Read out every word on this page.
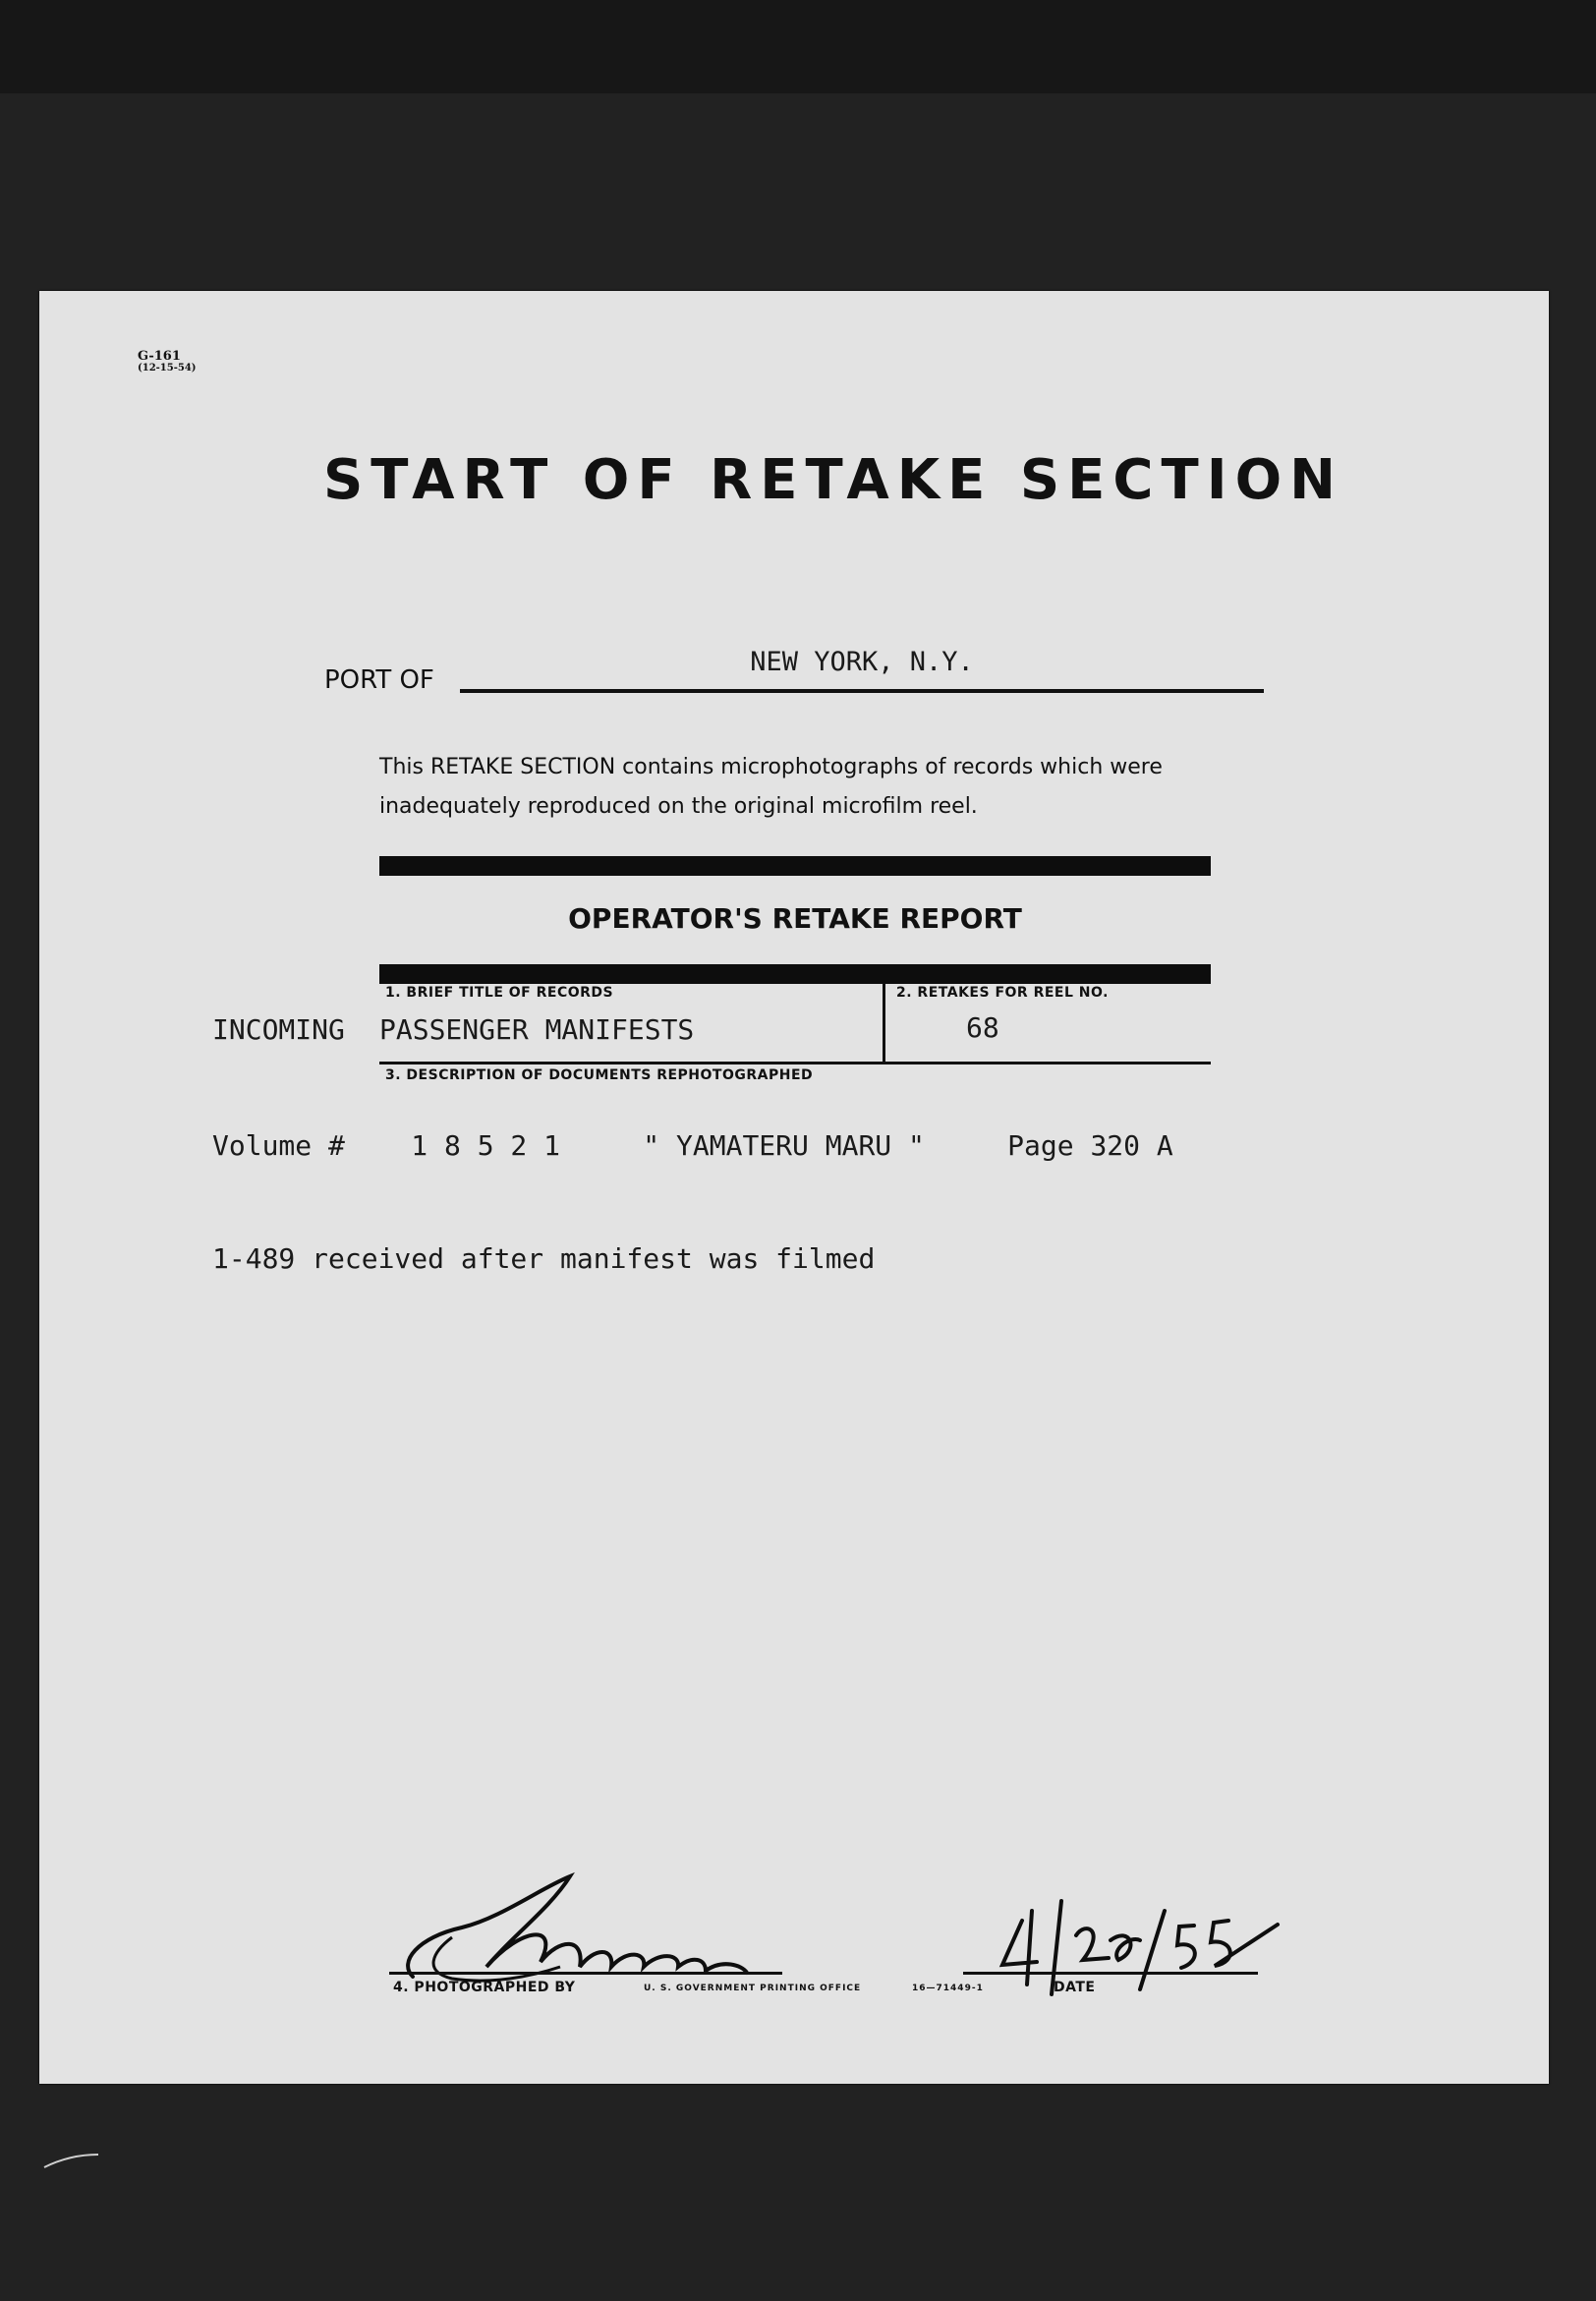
G-161
(12-15-54)
START OF RETAKE SECTION
PORT OF
NEW YORK, N.Y.
This RETAKE SECTION contains microphotographs of records which were inadequately reproduced on the original microfilm reel.
OPERATOR'S RETAKE REPORT
1. BRIEF TITLE OF RECORDS	2. RETAKES FOR REEL NO.
INCOMING PASSENGER MANIFESTS	68
3. DESCRIPTION OF DOCUMENTS REPHOTOGRAPHED
Volume #    1 8 5 2 1     " YAMATERU MARU "     Page 320 A
1-489 received after manifest was filmed
4. PHOTOGRAPHED BY	U. S. GOVERNMENT PRINTING OFFICE	16—71449-1	DATE
